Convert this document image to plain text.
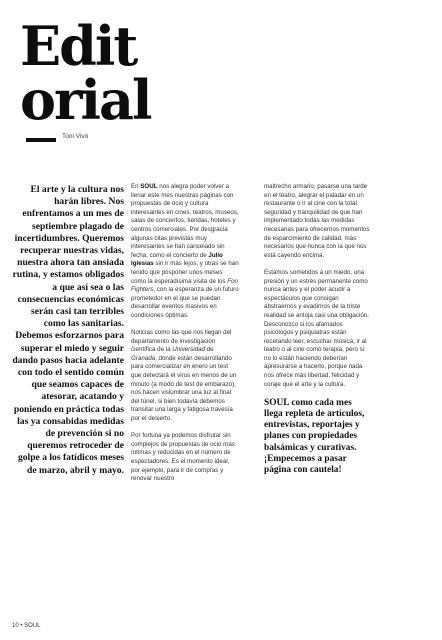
Edit
orial
Toni Vivó

El arte y la cultura nos harán libres. Nos enfrentamos a un mes de septiembre plagado de incertidumbres. Queremos recuperar nuestras vidas, nuestra ahora tan ansiada rutina, y estamos obligados a que así sea o las consecuencias económicas serán casi tan terribles como las sanitarias. Debemos esforzarnos para superar el miedo y seguir dando pasos hacia adelante con todo el sentido común que seamos capaces de atesorar, acatando y poniendo en práctica todas las ya consabidas medidas de prevención si no queremos retroceder de golpe a los fatídicos meses de marzo, abril y mayo.

En SOUL nos alegra poder volver a llenar este mes nuestras páginas con propuestas de ocio y cultura interesantes en cines, teatros, museos, salas de conciertos, tiendas, hoteles y centros comerciales. Por desgracia algunas citas previstas muy interesantes se han cancelado sin fecha, como el concierto de Julio Iglesias sin ir más lejos, y otras se han tenido que posponer unos meses como la esperadísima visita de los Foo Fighters, con la esperanza de un futuro prometedor en el que se puedan desarrollar eventos masivos en condiciones óptimas.

Noticias como las que nos llegan del departamento de investigación científica de la Universidad de Granada, donde están desarrollando para comercializar en enero un test que detectará el virus en menos de un minuto (a modo de test de embarazo), nos hacen vislumbrar una luz al final del túnel, si bien todavía debemos transitar una larga y fatigosa travesía por el desierto.

Por fortuna ya podemos disfrutar sin complejos de propuestas de ocio más íntimas y reducidas en el número de espectadores. Es el momento ideal, por ejemplo, para ir de compras y renovar nuestro

maltrecho armario, pasarse una tarde en el teatro, alegrar el paladar en un restaurante o ir al cine con la total seguridad y tranquilidad de que han implementado todas las medidas necesarias para ofrecernos momentos de esparcimiento de calidad, más necesarios que nunca con la que nos está cayendo encima.

Estamos sometidos a un miedo, una presión y un estrés permanente como nunca antes y el poder acudir a espectáculos que consigan abstraernos y evadirnos de la triste realidad se antoja casi una obligación. Desconozco si los afamados psicólogos y psiquiatras están recetando leer, escuchar música, ir al teatro o al cine como terapia, pero si no lo están haciendo deberían apresurarse a hacerlo, porque nada nos ofrece más libertad, felicidad y coraje que el arte y la cultura.

SOUL como cada mes llega repleta de artículos, entrevistas, reportajes y planes con propiedades balsámicas y curativas. ¡Empecemos a pasar página con cautela!

10 • SOUL
